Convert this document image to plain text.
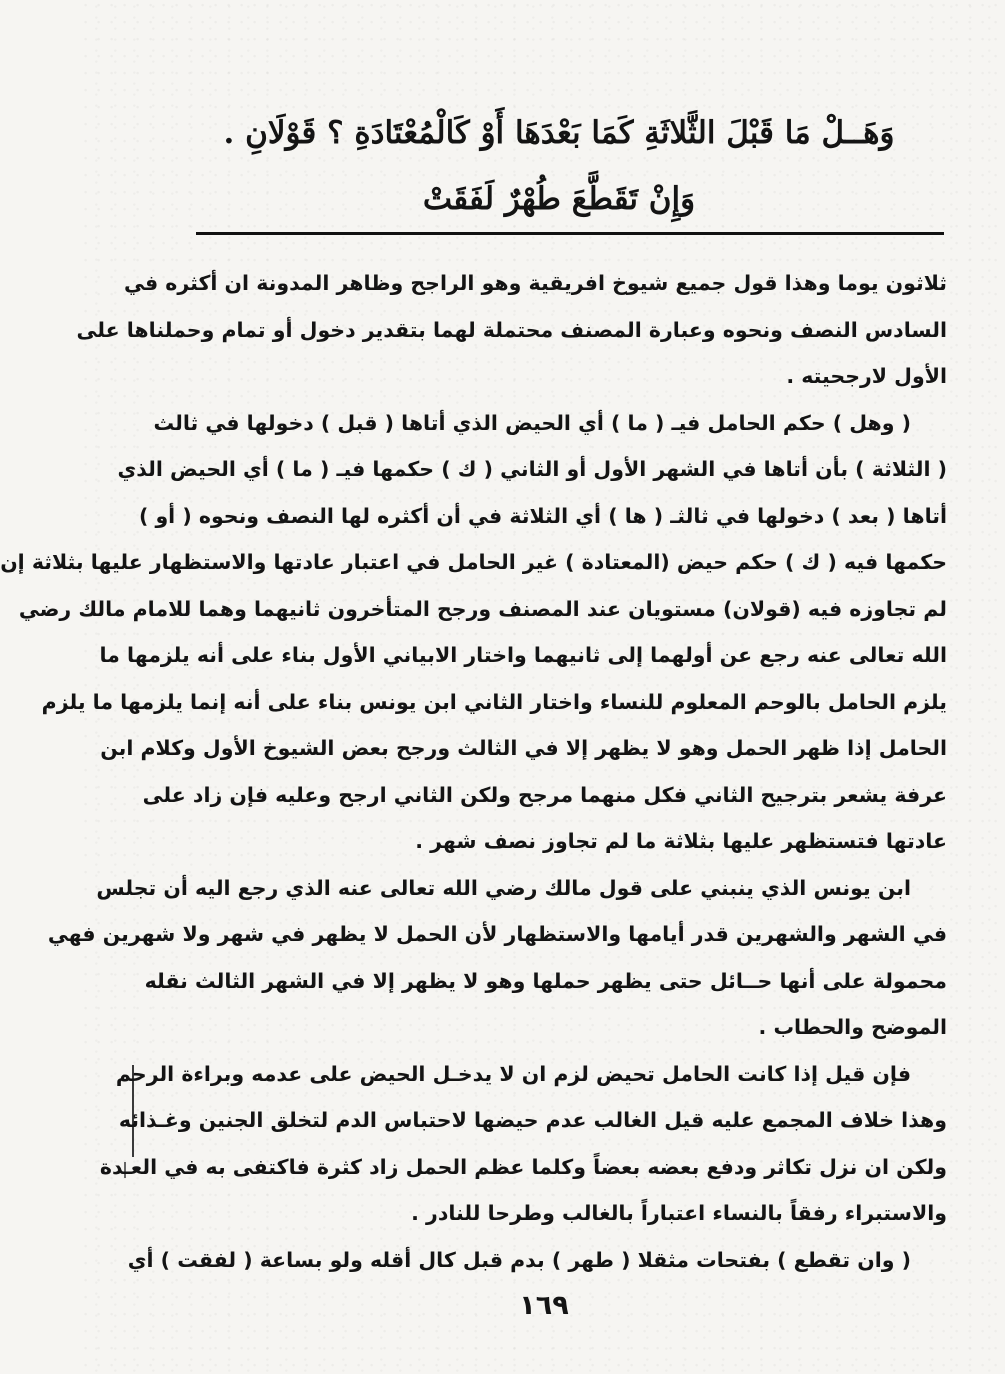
وَهَــلْ مَا قَبْلَ الثَّلاثَةِ كَمَا بَعْدَهَا أَوْ كَالْمُعْتَادَةِ ؟ قَوْلَانِ .
وَإِنْ تَقَطَّعَ طُهْرٌ لَفَقَتْ
ثلاثون يوما وهذا قول جميع شيوخ افريقية وهو الراجح وظاهر المدونة ان أكثره في
السادس النصف ونحوه وعبارة المصنف محتملة لهما بتقدير دخول أو تمام وحملناها على
الأول لارجحيته .
( وهل ) حكم الحامل فيـ ( ما ) أي الحيض الذي أتاها ( قبل ) دخولها في ثالث
( الثلاثة ) بأن أتاها في الشهر الأول أو الثاني ( ك ) حكمها فيـ ( ما ) أي الحيض الذي
أتاها ( بعد ) دخولها في ثالثـ ( ها ) أي الثلاثة في أن أكثره لها النصف ونحوه ( أو )
حكمها فيه ( ك ) حكم حيض (المعتادة ) غير الحامل في اعتبار عادتها والاستظهار عليها بثلاثة إن
لم تجاوزه فيه (قولان) مستويان عند المصنف ورجح المتأخرون ثانيهما وهما للامام مالك رضي
الله تعالى عنه رجع عن أولهما إلى ثانيهما واختار الابياني الأول بناء على أنه يلزمها ما
يلزم الحامل بالوحم المعلوم للنساء واختار الثاني ابن يونس بناء على أنه إنما يلزمها ما يلزم
الحامل إذا ظهر الحمل وهو لا يظهر إلا في الثالث ورجح بعض الشيوخ الأول وكلام ابن
عرفة يشعر بترجيح الثاني فكل منهما مرجح ولكن الثاني ارجح وعليه فإن زاد على
عادتها فتستظهر عليها بثلاثة ما لم تجاوز نصف شهر .
ابن يونس الذي ينبني على قول مالك رضي الله تعالى عنه الذي رجع اليه أن تجلس
في الشهر والشهرين قدر أيامها والاستظهار لأن الحمل لا يظهر في شهر ولا شهرين فهي
محمولة على أنها حــائل حتى يظهر حملها وهو لا يظهر إلا في الشهر الثالث نقله
الموضح والحطاب .
فإن قيل إذا كانت الحامل تحيض لزم ان لا يدخـل الحيض على عدمه وبراءة الرحم
وهذا خلاف المجمع عليه قيل الغالب عدم حيضها لاحتباس الدم لتخلق الجنين وغـذائه
ولكن ان نزل تكاثر ودفع بعضه بعضاً وكلما عظم الحمل زاد كثرة فاكتفى به في العـدة
والاستبراء رفقاً بالنساء اعتباراً بالغالب وطرحا للنادر .
( وان تقطع ) بفتحات مثقلا ( طهر ) بدم قبل كال أقله ولو بساعة ( لفقت ) أي
١٦٩
